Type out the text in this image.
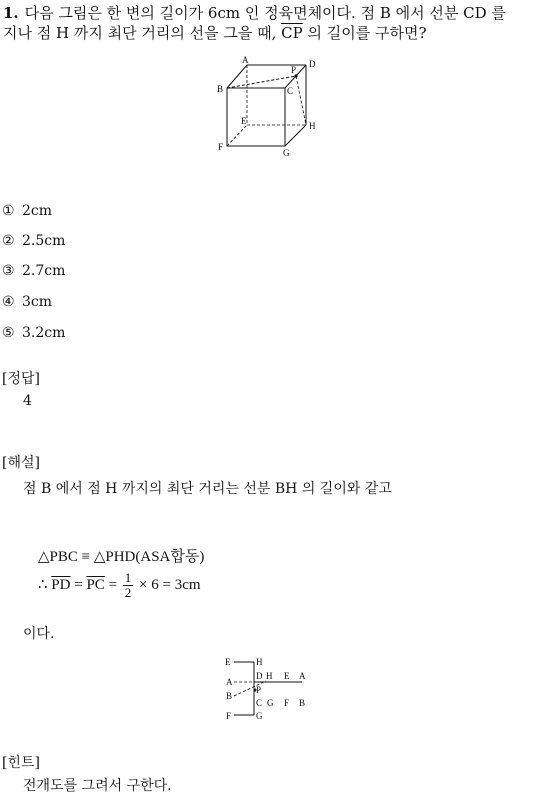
1. 다음 그림은 한 변의 길이가 6cm 인 정육면체이다. 점 B 에서 선분 CD 를
지나 점 H 까지 최단 거리의 선을 그을 때, $\overline{CP}$ 의 길이를 구하면?
A
P
D
B	C
E	H
F
G
① 2cm
② 2.5cm
③ 2.7cm
④ 3cm
⑤ 3.2cm
[정답]
4
[해설]
점 B 에서 점 H 까지의 최단 거리는 선분 BH 의 길이와 같고
△PBC ≡ △PHD(ASA합동)
∴ $\overline{PD} = \overline{PC} = \frac{1}{2} \times 6 = 3cm$
이다.
E	H
A
D H E A
B
P
C G F B
F	G
[힌트]
전개도를 그려서 구한다.
